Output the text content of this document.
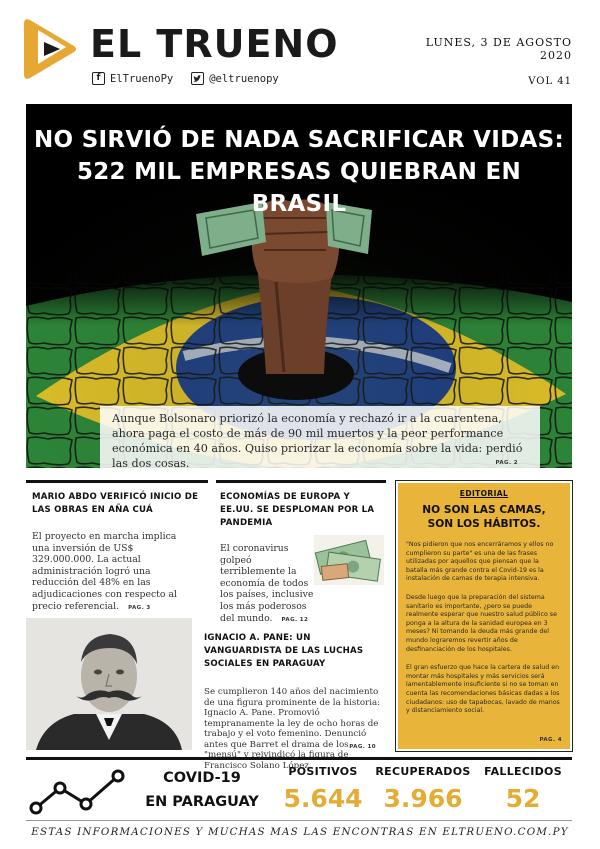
EL TRUENO
f ElTruenoPy	@eltruenopy
LUNES, 3 DE AGOSTO
2020
VOL 41
NO SIRVIÓ DE NADA SACRIFICAR VIDAS:
522 MIL EMPRESAS QUIEBRAN EN BRASIL
Aunque Bolsonaro priorizó la economía y rechazó ir a la cuarentena, ahora paga el costo de más de 90 mil muertos y la peor performance económica en 40 años. Quiso priorizar la economía sobre la vida: perdió las dos cosas.	PAG. 2
MARIO ABDO VERIFICÓ INICIO DE LAS OBRAS EN AÑA CUÁ
El proyecto en marcha implica una inversión de US$ 329.000.000. La actual administración logró una reducción del 48% en las adjudicaciones con respecto al precio referencial. PAG. 3
ECONOMÍAS DE EUROPA Y EE.UU. SE DESPLOMAN POR LA PANDEMIA
El coronavirus golpeó terriblemente la economía de todos los países, inclusive los más poderosos del mundo. PAG. 12
EDITORIAL
NO SON LAS CAMAS,
SON LOS HÁBITOS.
"Nos pidieron que nos encerráramos y ellos no cumplieron su parte" es una de las frases utilizadas por aquellos que piensan que la batalla más grande contra el Covid-19 es la instalación de camas de terapia intensiva.
Desde luego que la preparación del sistema sanitario es importante, ¿pero se puede realmente esperar que nuestro salud público se ponga a la altura de la sanidad europea en 3 meses? Ni tomando la deuda más grande del mundo lograremos revertir años de desfinanciación de los hospitales.
El gran esfuerzo que hace la cartera de salud en montar más hospitales y más servicios será lamentablemente insuficiente si no se toman en cuenta las recomendaciones básicas dadas a los ciudadanos: uso de tapabocas, lavado de manos y distanciamiento social.
PAG. 4
IGNACIO A. PANE: UN VANGUARDISTA DE LAS LUCHAS SOCIALES EN PARAGUAY
Se cumplieron 140 años del nacimiento de una figura prominente de la historia: Ignacio A. Pane. Promovió tempranamente la ley de ocho horas de trabajo y el voto femenino. Denunció antes que Barret el drama de los "mensú" y reivindicó la figura de Francisco Solano López.
PAG. 10
COVID-19
EN PARAGUAY
POSITIVOS
5.644
RECUPERADOS
3.966
FALLECIDOS
52
ESTAS INFORMACIONES Y MUCHAS MAS LAS ENCONTRAS EN ELTRUENO.COM.PY
